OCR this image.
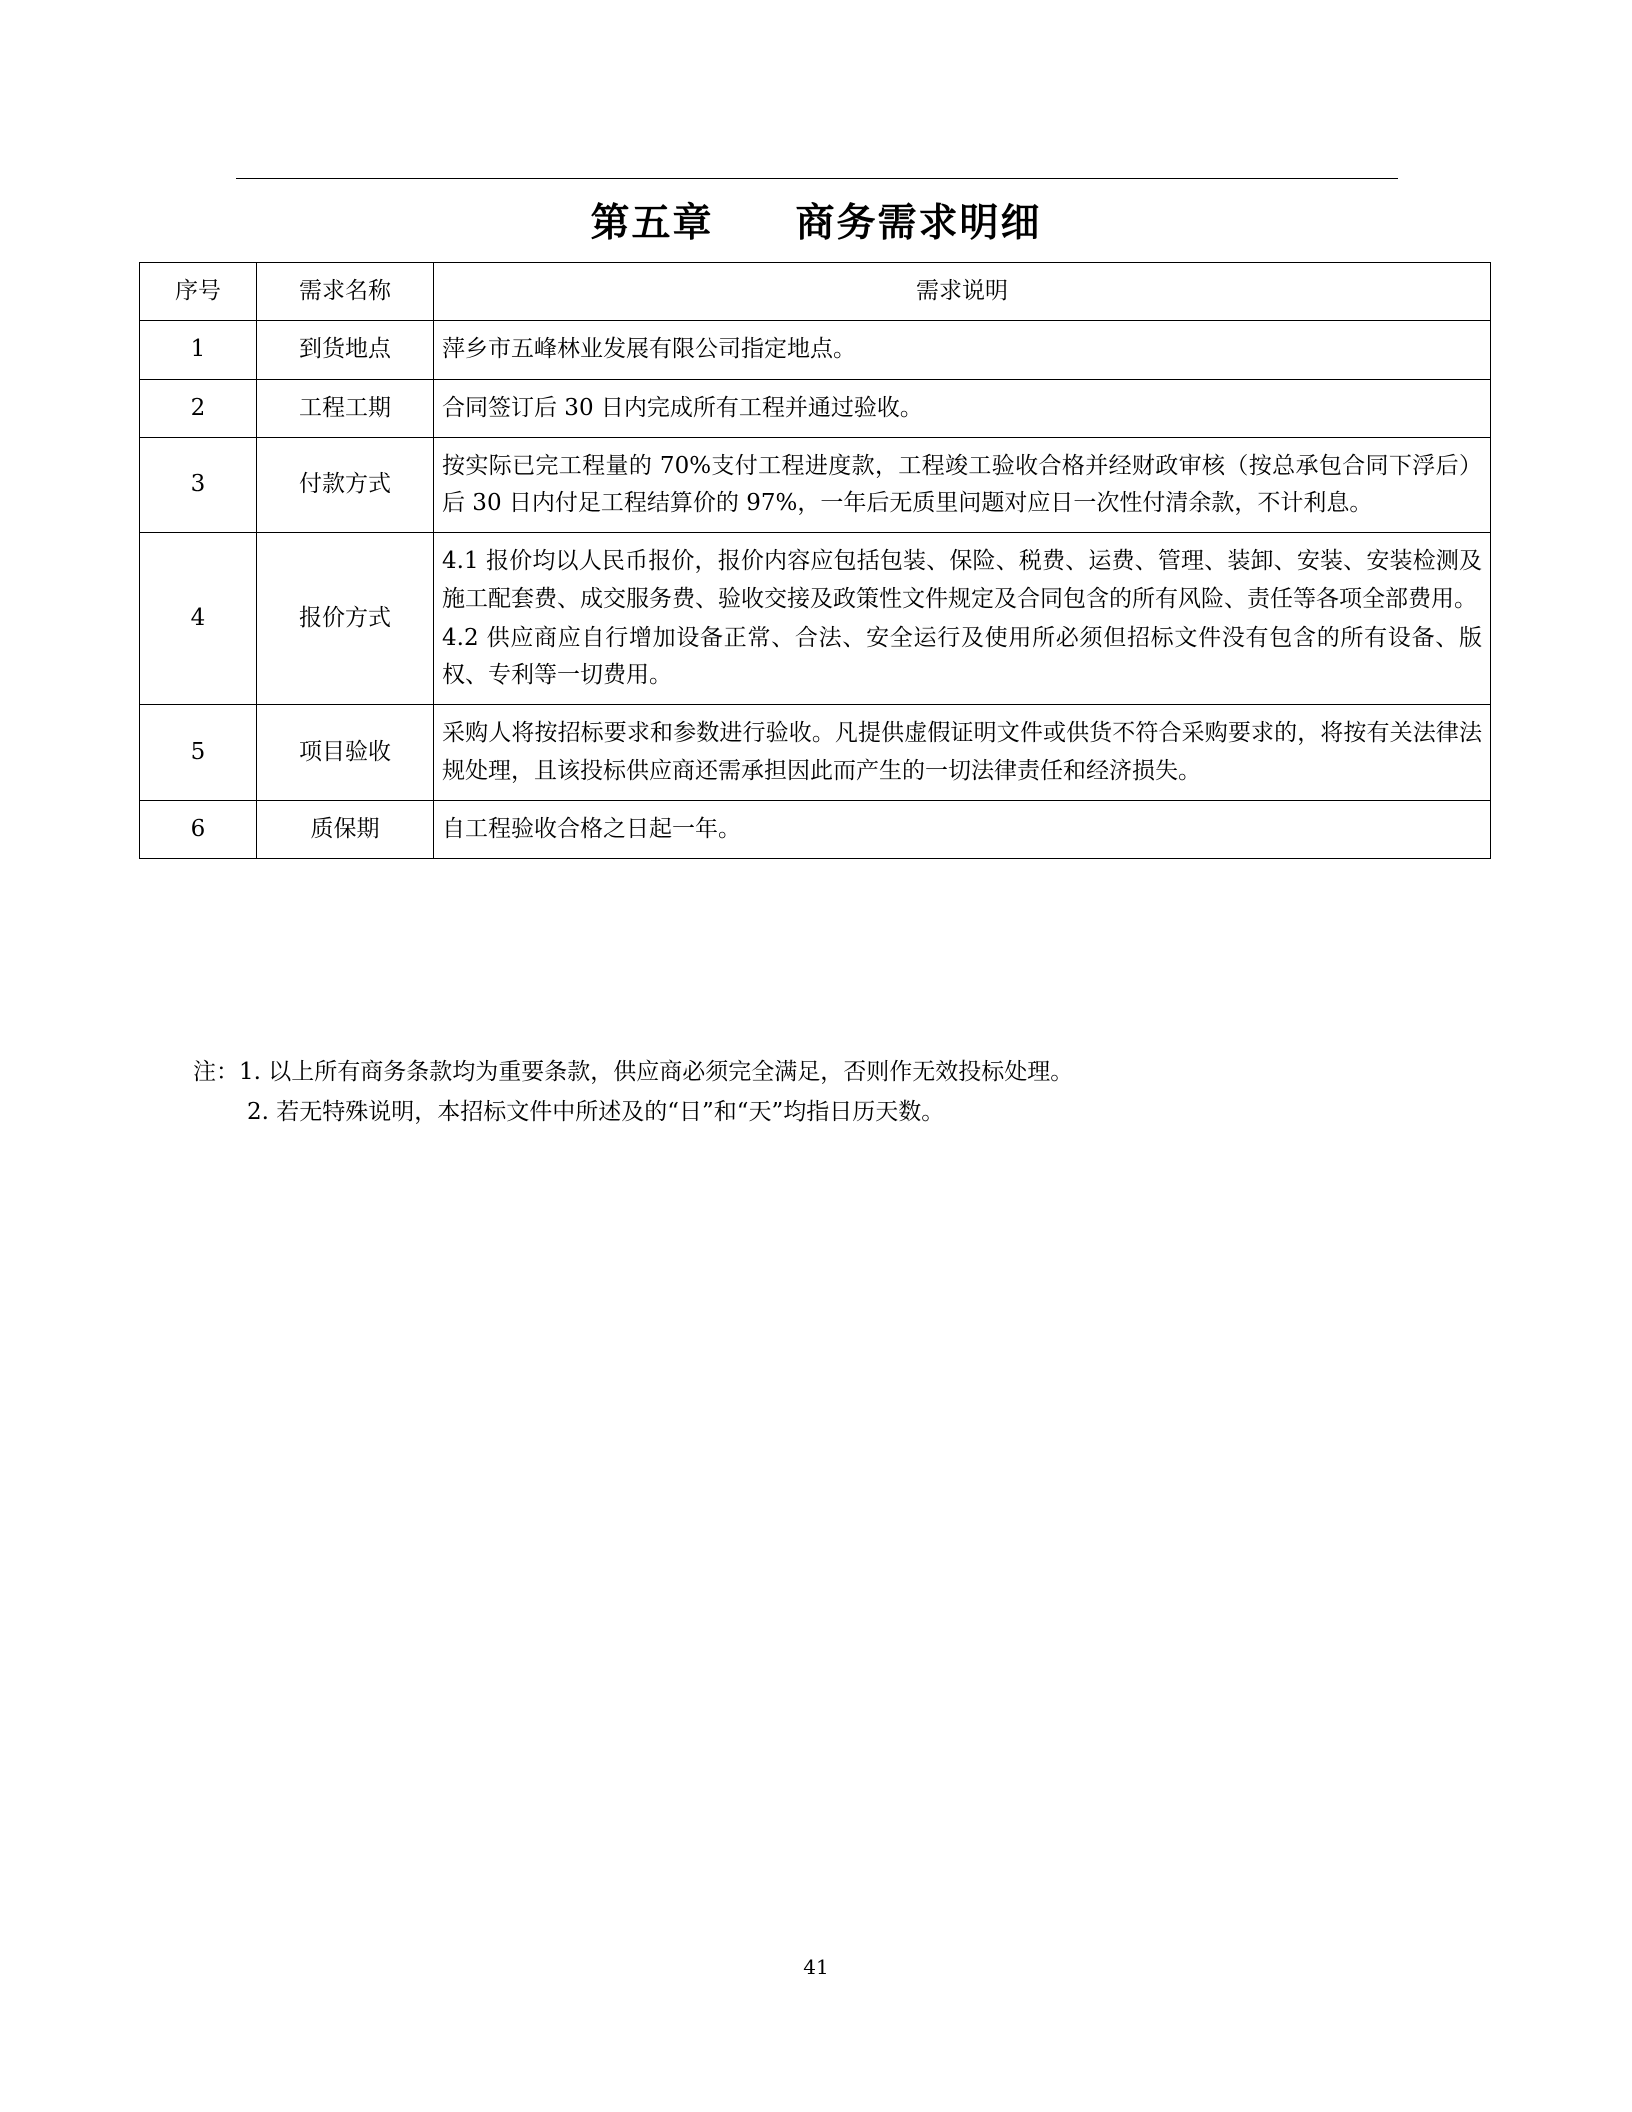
第五章　　商务需求明细
序号	需求名称	需求说明
1	到货地点	萍乡市五峰林业发展有限公司指定地点。

2	工程工期	合同签订后 30 日内完成所有工程并通过验收。

3	付款方式	按实际已完工程量的 70%支付工程进度款，工程竣工验收合格并经财政审核（按总承包合同下浮后）后 30 日内付足工程结算价的 97%，一年后无质里问题对应日一次性付清余款，不计利息。

4	报价方式	4.1 报价均以人民币报价，报价内容应包括包装、保险、税费、运费、管理、装卸、安装、安装检测及施工配套费、成交服务费、验收交接及政策性文件规定及合同包含的所有风险、责任等各项全部费用。

4.2 供应商应自行增加设备正常、合法、安全运行及使用所必须但招标文件没有包含的所有设备、版权、专利等一切费用。

5	项目验收	采购人将按招标要求和参数进行验收。凡提供虚假证明文件或供货不符合采购要求的，将按有关法律法规处理，且该投标供应商还需承担因此而产生的一切法律责任和经济损失。

6	质保期	自工程验收合格之日起一年。

注：1. 以上所有商务条款均为重要条款，供应商必须完全满足，否则作无效投标处理。

2. 若无特殊说明，本招标文件中所述及的“日”和“天”均指日历天数。

41
